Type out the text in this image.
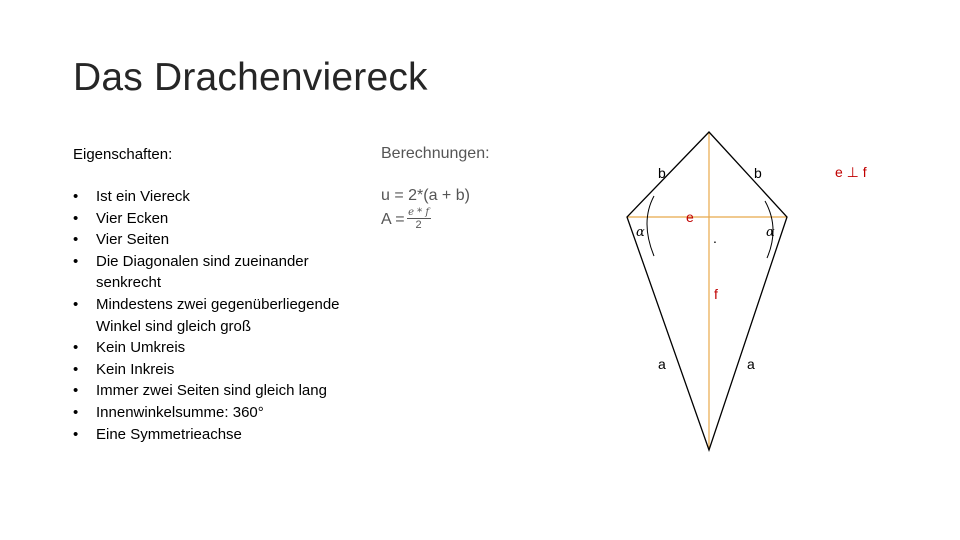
Das Drachenviereck
Eigenschaften:
• Ist ein Viereck
• Vier Ecken
• Vier Seiten
• Die Diagonalen sind zueinander senkrecht
• Mindestens zwei gegenüberliegende Winkel sind gleich groß
• Kein Umkreis
• Kein Inkreis
• Immer zwei Seiten sind gleich lang
• Innenwinkelsumme: 360°
• Eine Symmetrieachse
Berechnungen:
u = 2*(a + b)
$A = \frac{e * f}{2}$
b	b
a	a
e
f
α	α
.
e ⊥ f
